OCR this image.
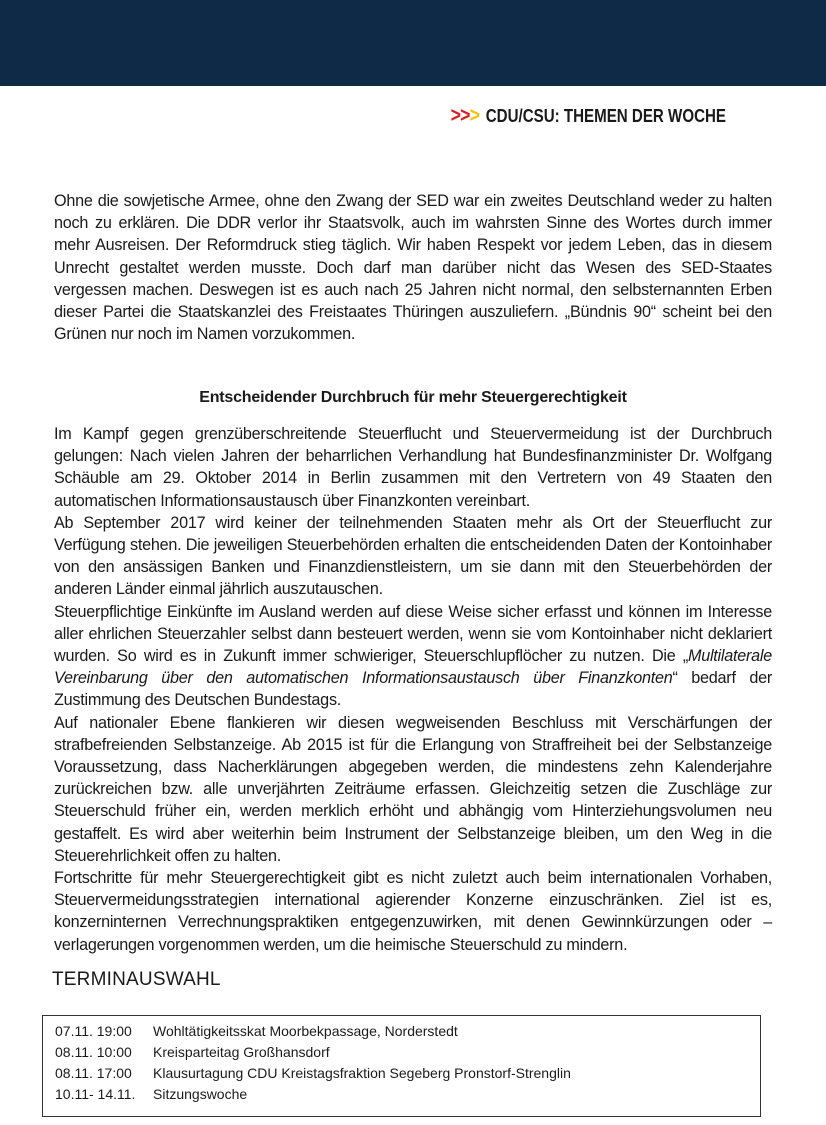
>>> CDU/CSU: THEMEN DER WOCHE

Ohne die sowjetische Armee, ohne den Zwang der SED war ein zweites Deutschland weder zu halten noch zu erklären. Die DDR verlor ihr Staatsvolk, auch im wahrsten Sinne des Wortes durch immer mehr Ausreisen. Der Reformdruck stieg täglich. Wir haben Respekt vor jedem Leben, das in diesem Unrecht gestaltet werden musste. Doch darf man darüber nicht das Wesen des SED-Staates vergessen machen. Deswegen ist es auch nach 25 Jahren nicht normal, den selbsternannten Erben dieser Partei die Staatskanzlei des Freistaates Thüringen auszuliefern. „Bündnis 90“ scheint bei den Grünen nur noch im Namen vorzukommen.

Entscheidender Durchbruch für mehr Steuergerechtigkeit

Im Kampf gegen grenzüberschreitende Steuerflucht und Steuervermeidung ist der Durchbruch gelungen: Nach vielen Jahren der beharrlichen Verhandlung hat Bundesfinanzminister Dr. Wolfgang Schäuble am 29. Oktober 2014 in Berlin zusammen mit den Vertretern von 49 Staaten den automatischen Informationsaustausch über Finanzkonten vereinbart.

Ab September 2017 wird keiner der teilnehmenden Staaten mehr als Ort der Steuerflucht zur Verfügung stehen. Die jeweiligen Steuerbehörden erhalten die entscheidenden Daten der Kontoinhaber von den ansässigen Banken und Finanzdienstleistern, um sie dann mit den Steuerbehörden der anderen Länder einmal jährlich auszutauschen.

Steuerpflichtige Einkünfte im Ausland werden auf diese Weise sicher erfasst und können im Interesse aller ehrlichen Steuerzahler selbst dann besteuert werden, wenn sie vom Kontoinhaber nicht deklariert wurden. So wird es in Zukunft immer schwieriger, Steuerschlupflöcher zu nutzen. Die „Multilaterale Vereinbarung über den automatischen Informationsaustausch über Finanzkonten“ bedarf der Zustimmung des Deutschen Bundestags.

Auf nationaler Ebene flankieren wir diesen wegweisenden Beschluss mit Verschärfungen der strafbefreienden Selbstanzeige. Ab 2015 ist für die Erlangung von Straffreiheit bei der Selbstanzeige Voraussetzung, dass Nacherklärungen abgegeben werden, die mindestens zehn Kalenderjahre zurückreichen bzw. alle unverjährten Zeiträume erfassen. Gleichzeitig setzen die Zuschläge zur Steuerschuld früher ein, werden merklich erhöht und abhängig vom Hinterziehungsvolumen neu gestaffelt. Es wird aber weiterhin beim Instrument der Selbstanzeige bleiben, um den Weg in die Steuerehrlichkeit offen zu halten.

Fortschritte für mehr Steuergerechtigkeit gibt es nicht zuletzt auch beim internationalen Vorhaben, Steuervermeidungsstrategien international agierender Konzerne einzuschränken. Ziel ist es, konzerninternen Verrechnungspraktiken entgegenzuwirken, mit denen Gewinnkürzungen oder – verlagerungen vorgenommen werden, um die heimische Steuerschuld zu mindern.

TERMINAUSWAHL
07.11. 19:00	Wohltätigkeitsskat Moorbekpassage, Norderstedt
08.11. 10:00	Kreisparteitag Großhansdorf
08.11. 17:00	Klausurtagung CDU Kreistagsfraktion Segeberg Pronstorf-Strenglin
10.11- 14.11.	Sitzungswoche
